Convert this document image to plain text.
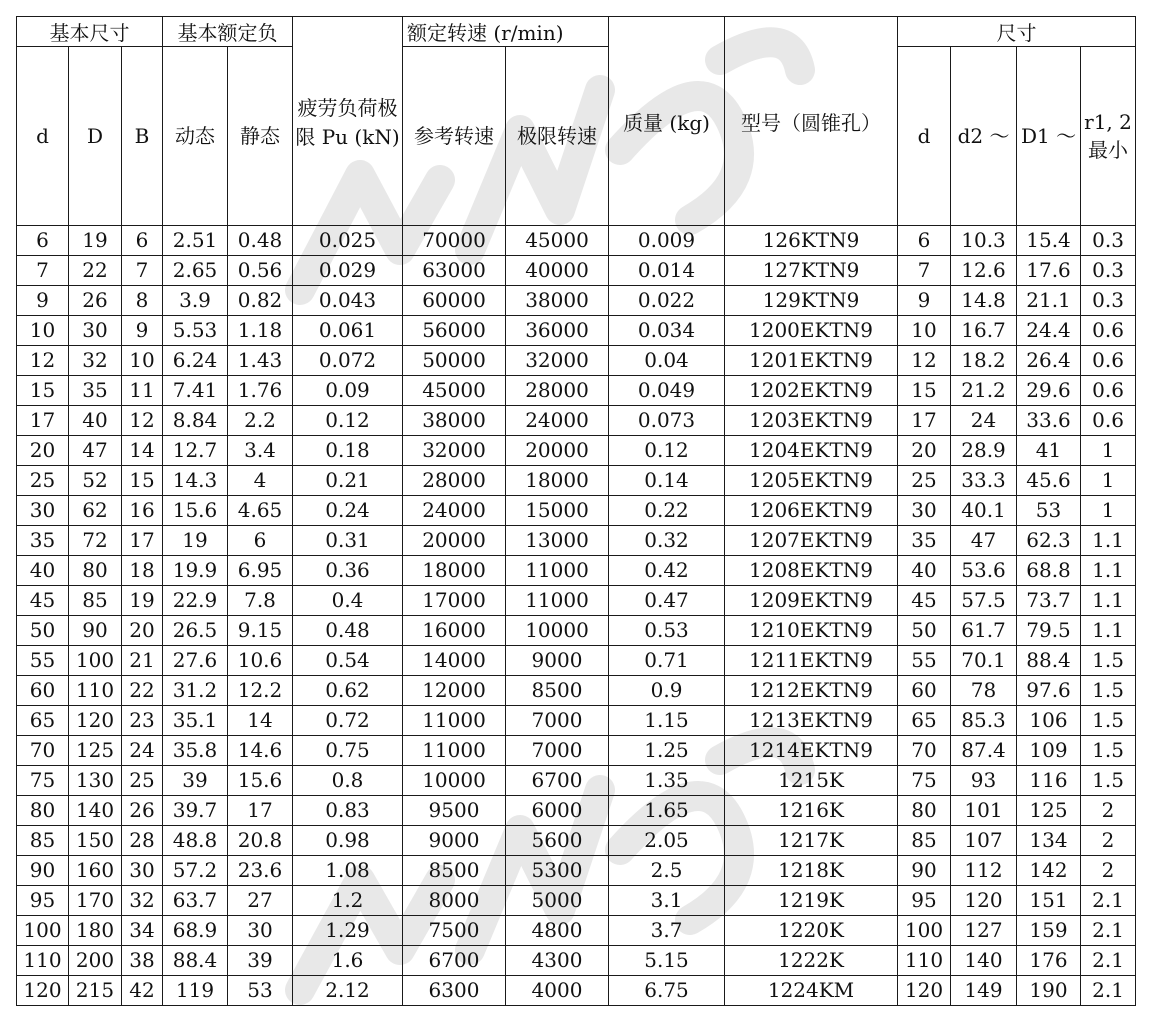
基本尺寸			基本额定负		疲劳负荷极限 Pu (kN)	额定转速 (r/min)		质量 (kg)	型号（圆锥孔）	尺寸			
d	D	B	动态	静态		参考转速	极限转速			d	d2 ～	D1 ～	r1, 2 最小
6	19	6	2.51	0.48	0.025	70000	45000	0.009	126KTN9	6	10.3	15.4	0.3
7	22	7	2.65	0.56	0.029	63000	40000	0.014	127KTN9	7	12.6	17.6	0.3
9	26	8	3.9	0.82	0.043	60000	38000	0.022	129KTN9	9	14.8	21.1	0.3
10	30	9	5.53	1.18	0.061	56000	36000	0.034	1200EKTN9	10	16.7	24.4	0.6
12	32	10	6.24	1.43	0.072	50000	32000	0.04	1201EKTN9	12	18.2	26.4	0.6
15	35	11	7.41	1.76	0.09	45000	28000	0.049	1202EKTN9	15	21.2	29.6	0.6
17	40	12	8.84	2.2	0.12	38000	24000	0.073	1203EKTN9	17	24	33.6	0.6
20	47	14	12.7	3.4	0.18	32000	20000	0.12	1204EKTN9	20	28.9	41	1
25	52	15	14.3	4	0.21	28000	18000	0.14	1205EKTN9	25	33.3	45.6	1
30	62	16	15.6	4.65	0.24	24000	15000	0.22	1206EKTN9	30	40.1	53	1
35	72	17	19	6	0.31	20000	13000	0.32	1207EKTN9	35	47	62.3	1.1
40	80	18	19.9	6.95	0.36	18000	11000	0.42	1208EKTN9	40	53.6	68.8	1.1
45	85	19	22.9	7.8	0.4	17000	11000	0.47	1209EKTN9	45	57.5	73.7	1.1
50	90	20	26.5	9.15	0.48	16000	10000	0.53	1210EKTN9	50	61.7	79.5	1.1
55	100	21	27.6	10.6	0.54	14000	9000	0.71	1211EKTN9	55	70.1	88.4	1.5
60	110	22	31.2	12.2	0.62	12000	8500	0.9	1212EKTN9	60	78	97.6	1.5
65	120	23	35.1	14	0.72	11000	7000	1.15	1213EKTN9	65	85.3	106	1.5
70	125	24	35.8	14.6	0.75	11000	7000	1.25	1214EKTN9	70	87.4	109	1.5
75	130	25	39	15.6	0.8	10000	6700	1.35	1215K	75	93	116	1.5
80	140	26	39.7	17	0.83	9500	6000	1.65	1216K	80	101	125	2
85	150	28	48.8	20.8	0.98	9000	5600	2.05	1217K	85	107	134	2
90	160	30	57.2	23.6	1.08	8500	5300	2.5	1218K	90	112	142	2
95	170	32	63.7	27	1.2	8000	5000	3.1	1219K	95	120	151	2.1
100	180	34	68.9	30	1.29	7500	4800	3.7	1220K	100	127	159	2.1
110	200	38	88.4	39	1.6	6700	4300	5.15	1222K	110	140	176	2.1
120	215	42	119	53	2.12	6300	4000	6.75	1224KM	120	149	190	2.1
